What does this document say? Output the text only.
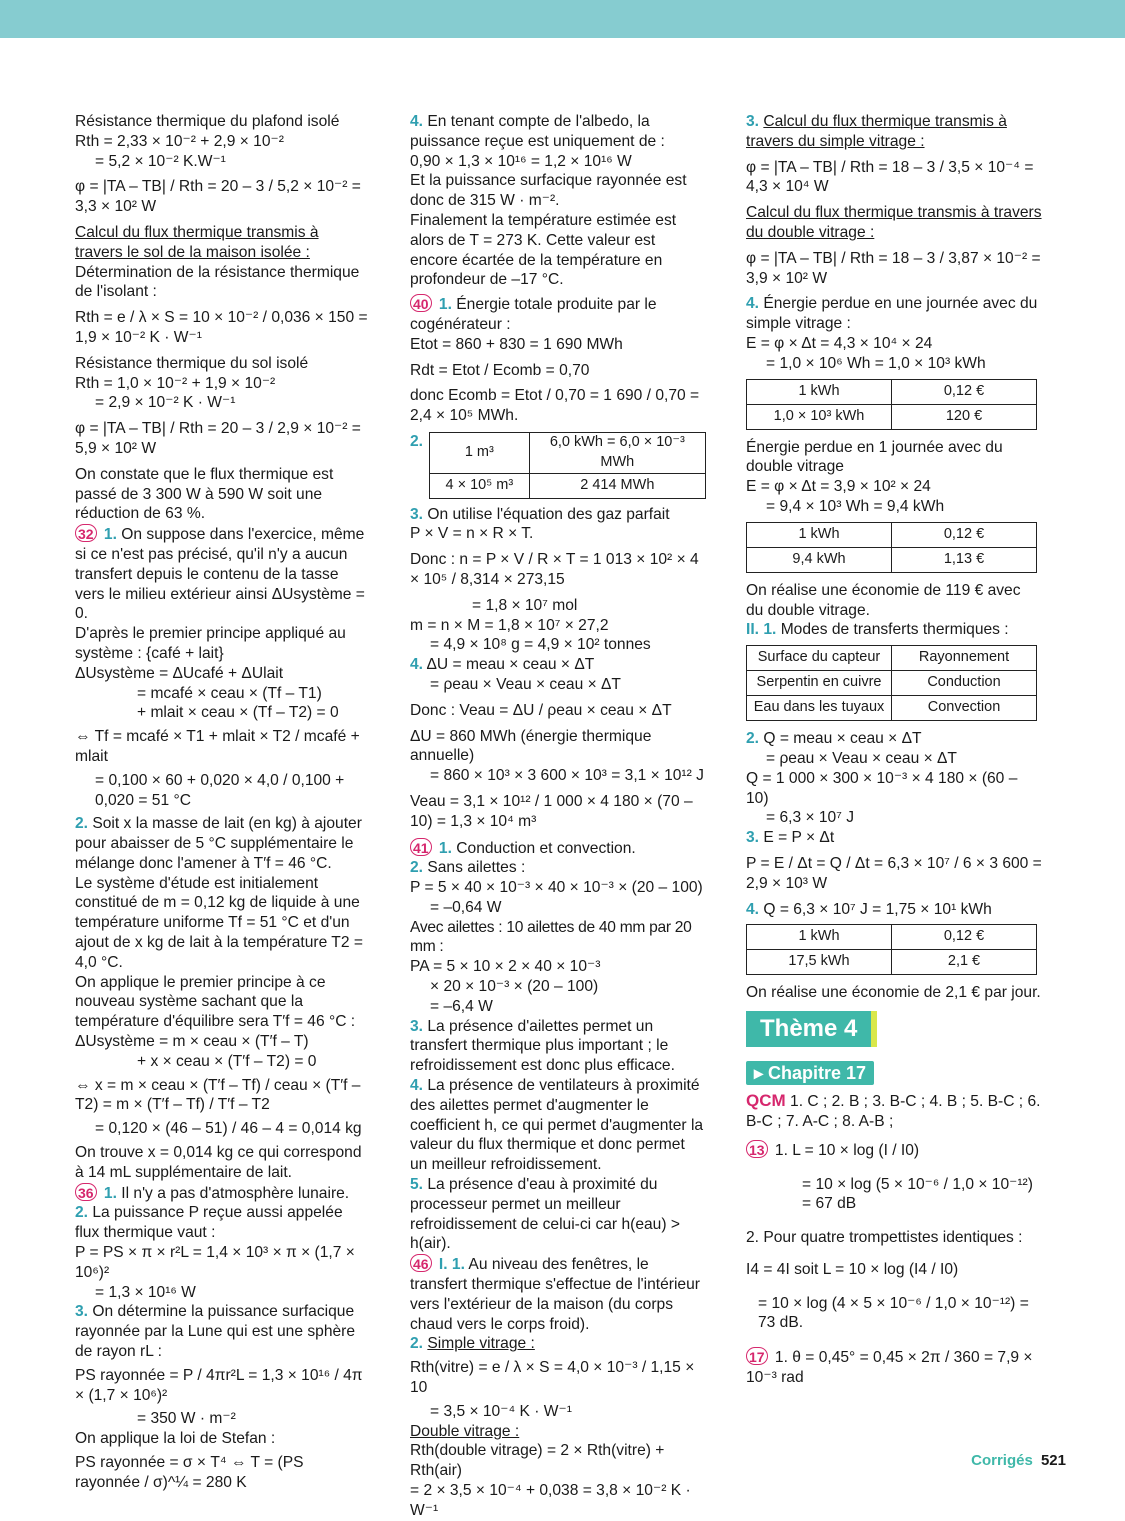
Résistance thermique du plafond isolé

Rth = 2,33 × 10⁻² + 2,9 × 10⁻²

= 5,2 × 10⁻² K.W⁻¹

φ = |TA – TB| / Rth = 20 – 3 / 5,2 × 10⁻² = 3,3 × 10² W

Calcul du flux thermique transmis à travers le sol de la maison isolée :

Détermination de la résistance thermique de l'isolant :

Rth = e / λ × S = 10 × 10⁻² / 0,036 × 150 = 1,9 × 10⁻² K · W⁻¹

Résistance thermique du sol isolé

Rth = 1,0 × 10⁻² + 1,9 × 10⁻²

= 2,9 × 10⁻² K · W⁻¹

φ = |TA – TB| / Rth = 20 – 3 / 2,9 × 10⁻² = 5,9 × 10² W

On constate que le flux thermique est passé de 3 300 W à 590 W soit une réduction de 63 %.

32 1. On suppose dans l'exercice, même si ce n'est pas précisé, qu'il n'y a aucun transfert depuis le contenu de la tasse vers le milieu extérieur ainsi ΔUsystème = 0.

D'après le premier principe appliqué au système : {café + lait}

ΔUsystème = ΔUcafé + ΔUlait

= mcafé × ceau × (Tf – T1)

+ mlait × ceau × (Tf – T2) = 0

⇔ Tf = mcafé × T1 + mlait × T2 / mcafé + mlait

= 0,100 × 60 + 0,020 × 4,0 / 0,100 + 0,020 = 51 °C

2. Soit x la masse de lait (en kg) à ajouter pour abaisser de 5 °C supplémentaire le mélange donc l'amener à T′f = 46 °C.

Le système d'étude est initialement constitué de m = 0,12 kg de liquide à une température uniforme Tf = 51 °C et d'un ajout de x kg de lait à la température T2 = 4,0 °C.

On applique le premier principe à ce nouveau système sachant que la température d'équilibre sera T′f = 46 °C :

ΔUsystème = m × ceau × (T′f – T)

+ x × ceau × (T′f – T2) = 0

⇔ x = m × ceau × (T′f – Tf) / ceau × (T′f – T2) = m × (T′f – Tf) / T′f – T2

= 0,120 × (46 – 51) / 46 – 4 = 0,014 kg

On trouve x = 0,014 kg ce qui correspond à 14 mL supplémentaire de lait.

36 1. Il n'y a pas d'atmosphère lunaire.

2. La puissance P reçue aussi appelée flux thermique vaut :

P = PS × π × r²L = 1,4 × 10³ × π × (1,7 × 10⁶)²

= 1,3 × 10¹⁶ W

3. On détermine la puissance surfacique rayonnée par la Lune qui est une sphère de rayon rL :

PS rayonnée = P / 4πr²L = 1,3 × 10¹⁶ / 4π × (1,7 × 10⁶)²

= 350 W · m⁻²

On applique la loi de Stefan :

PS rayonnée = σ × T⁴ ⇔ T = (PS rayonnée / σ)^¼ = 280 K

4. En tenant compte de l'albedo, la puissance reçue est uniquement de :

0,90 × 1,3 × 10¹⁶ = 1,2 × 10¹⁶ W

Et la puissance surfacique rayonnée est donc de 315 W · m⁻².

Finalement la température estimée est alors de T = 273 K. Cette valeur est encore écartée de la température en profondeur de –17 °C.

40 1. Énergie totale produite par le cogénérateur :

Etot = 860 + 830 = 1 690 MWh

Rdt = Etot / Ecomb = 0,70

donc Ecomb = Etot / 0,70 = 1 690 / 0,70 = 2,4 × 10⁵ MWh.

2.
1 m³	6,0 kWh = 6,0 × 10⁻³ MWh
4 × 10⁵ m³	2 414 MWh

3. On utilise l'équation des gaz parfait

P × V = n × R × T.

Donc : n = P × V / R × T = 1 013 × 10² × 4 × 10⁵ / 8,314 × 273,15

= 1,8 × 10⁷ mol

m = n × M = 1,8 × 10⁷ × 27,2

= 4,9 × 10⁸ g = 4,9 × 10² tonnes

4. ΔU = meau × ceau × ΔT

= ρeau × Veau × ceau × ΔT

Donc : Veau = ΔU / ρeau × ceau × ΔT

ΔU = 860 MWh (énergie thermique annuelle)

= 860 × 10³ × 3 600 × 10³ = 3,1 × 10¹² J

Veau = 3,1 × 10¹² / 1 000 × 4 180 × (70 – 10) = 1,3 × 10⁴ m³

41 1. Conduction et convection.

2. Sans ailettes :

P = 5 × 40 × 10⁻³ × 40 × 10⁻³ × (20 – 100)

= –0,64 W

Avec ailettes : 10 ailettes de 40 mm par 20 mm :

PA = 5 × 10 × 2 × 40 × 10⁻³

× 20 × 10⁻³ × (20 – 100)

= –6,4 W

3. La présence d'ailettes permet un transfert thermique plus important ; le refroidissement est donc plus efficace.

4. La présence de ventilateurs à proximité des ailettes permet d'augmenter le coefficient h, ce qui permet d'augmenter la valeur du flux thermique et donc permet un meilleur refroidissement.

5. La présence d'eau à proximité du processeur permet un meilleur refroidissement de celui-ci car h(eau) > h(air).

46 I. 1. Au niveau des fenêtres, le transfert thermique s'effectue de l'intérieur vers l'extérieur de la maison (du corps chaud vers le corps froid).

2. Simple vitrage :

Rth(vitre) = e / λ × S = 4,0 × 10⁻³ / 1,15 × 10

= 3,5 × 10⁻⁴ K · W⁻¹

Double vitrage :

Rth(double vitrage) = 2 × Rth(vitre) + Rth(air)

= 2 × 3,5 × 10⁻⁴ + 0,038 = 3,8 × 10⁻² K · W⁻¹

3. Calcul du flux thermique transmis à travers du simple vitrage :

φ = |TA – TB| / Rth = 18 – 3 / 3,5 × 10⁻⁴ = 4,3 × 10⁴ W

Calcul du flux thermique transmis à travers du double vitrage :

φ = |TA – TB| / Rth = 18 – 3 / 3,87 × 10⁻² = 3,9 × 10² W

4. Énergie perdue en une journée avec du simple vitrage :

E = φ × Δt = 4,3 × 10⁴ × 24

= 1,0 × 10⁶ Wh = 1,0 × 10³ kWh

1 kWh	0,12 €
1,0 × 10³ kWh	120 €

Énergie perdue en 1 journée avec du double vitrage

E = φ × Δt = 3,9 × 10² × 24

= 9,4 × 10³ Wh = 9,4 kWh

1 kWh	0,12 €
9,4 kWh	1,13 €

On réalise une économie de 119 € avec du double vitrage.

II. 1. Modes de transferts thermiques :

Surface du capteur	Rayonnement
Serpentin en cuivre	Conduction
Eau dans les tuyaux	Convection

2. Q = meau × ceau × ΔT

= ρeau × Veau × ceau × ΔT

Q = 1 000 × 300 × 10⁻³ × 4 180 × (60 – 10)

= 6,3 × 10⁷ J

3. E = P × Δt

P = E / Δt = Q / Δt = 6,3 × 10⁷ / 6 × 3 600 = 2,9 × 10³ W

4. Q = 6,3 × 10⁷ J = 1,75 × 10¹ kWh

1 kWh	0,12 €
17,5 kWh	2,1 €

On réalise une économie de 2,1 € par jour.

Thème 4
▸ Chapitre 17

QCM 1. C ; 2. B ; 3. B-C ; 4. B ; 5. B-C ; 6. B-C ; 7. A-C ; 8. A-B ;

13 1. L = 10 × log (I / I0)

= 10 × log (5 × 10⁻⁶ / 1,0 × 10⁻¹²) = 67 dB

2. Pour quatre trompettistes identiques :

I4 = 4I soit L = 10 × log (I4 / I0)

= 10 × log (4 × 5 × 10⁻⁶ / 1,0 × 10⁻¹²) = 73 dB.

17 1. θ = 0,45° = 0,45 × 2π / 360 = 7,9 × 10⁻³ rad

Corrigés 521
